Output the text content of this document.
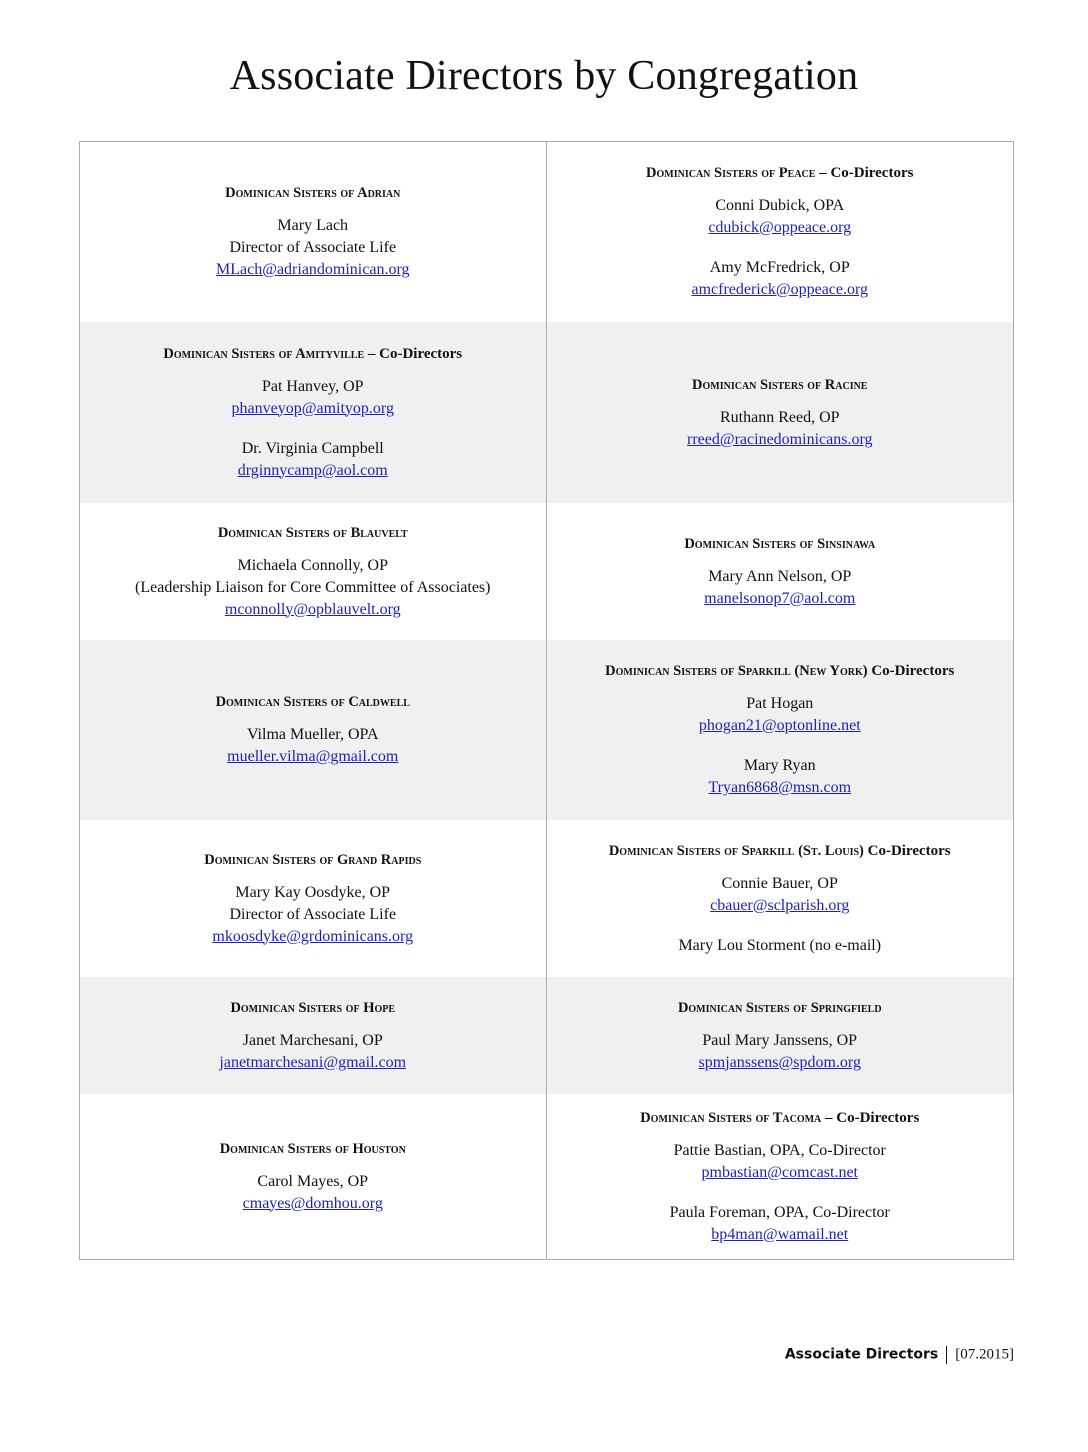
Associate Directors by Congregation
Dominican Sisters of Adrian
Mary Lach
Director of Associate Life
MLach@adriandominican.org
Dominican Sisters of Peace – Co-Directors
Conni Dubick, OPA
cdubick@oppeace.org
Amy McFredrick, OP
amcfrederick@oppeace.org
Dominican Sisters of Amityville – Co-Directors
Pat Hanvey, OP
phanveyop@amityop.org
Dr. Virginia Campbell
drginnycamp@aol.com
Dominican Sisters of Racine
Ruthann Reed, OP
rreed@racinedominicans.org
Dominican Sisters of Blauvelt
Michaela Connolly, OP
(Leadership Liaison for Core Committee of Associates)
mconnolly@opblauvelt.org
Dominican Sisters of Sinsinawa
Mary Ann Nelson, OP
manelsonop7@aol.com
Dominican Sisters of Caldwell
Vilma Mueller, OPA
mueller.vilma@gmail.com
Dominican Sisters of Sparkill (New York) Co-Directors
Pat Hogan
phogan21@optonline.net
Mary Ryan
Tryan6868@msn.com
Dominican Sisters of Grand Rapids
Mary Kay Oosdyke, OP
Director of Associate Life
mkoosdyke@grdominicans.org
Dominican Sisters of Sparkill (St. Louis) Co-Directors
Connie Bauer, OP
cbauer@sclparish.org
Mary Lou Storment (no e-mail)
Dominican Sisters of Hope
Janet Marchesani, OP
janetmarchesani@gmail.com
Dominican Sisters of Springfield
Paul Mary Janssens, OP
spmjanssens@spdom.org
Dominican Sisters of Houston
Carol Mayes, OP
cmayes@domhou.org
Dominican Sisters of Tacoma – Co-Directors
Pattie Bastian, OPA, Co-Director
pmbastian@comcast.net
Paula Foreman, OPA, Co-Director
bp4man@wamail.net
Associate Directors [07.2015]
